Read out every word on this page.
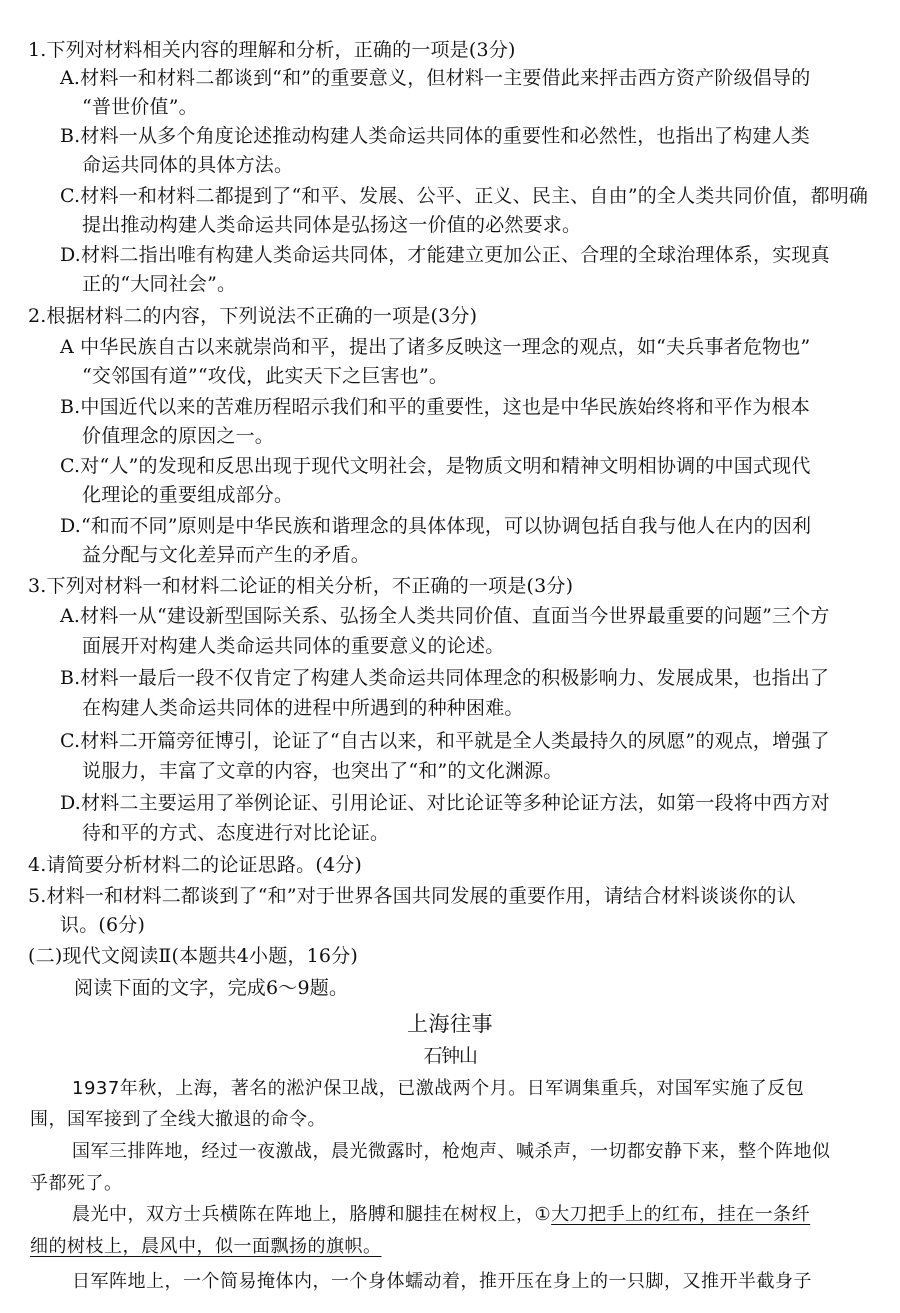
1.下列对材料相关内容的理解和分析，正确的一项是(3分)
A.材料一和材料二都谈到“和”的重要意义，但材料一主要借此来抨击西方资产阶级倡导的
“普世价值”。
B.材料一从多个角度论述推动构建人类命运共同体的重要性和必然性，也指出了构建人类
命运共同体的具体方法。
C.材料一和材料二都提到了“和平、发展、公平、正义、民主、自由”的全人类共同价值，都明确
提出推动构建人类命运共同体是弘扬这一价值的必然要求。
D.材料二指出唯有构建人类命运共同体，才能建立更加公正、合理的全球治理体系，实现真
正的“大同社会”。
2.根据材料二的内容，下列说法不正确的一项是(3分)
A 中华民族自古以来就崇尚和平，提出了诸多反映这一理念的观点，如“夫兵事者危物也”
“交邻国有道”“攻伐，此实天下之巨害也”。
B.中国近代以来的苦难历程昭示我们和平的重要性，这也是中华民族始终将和平作为根本
价值理念的原因之一。
C.对“人”的发现和反思出现于现代文明社会，是物质文明和精神文明相协调的中国式现代
化理论的重要组成部分。
D.“和而不同”原则是中华民族和谐理念的具体体现，可以协调包括自我与他人在内的因利
益分配与文化差异而产生的矛盾。
3.下列对材料一和材料二论证的相关分析，不正确的一项是(3分)
A.材料一从“建设新型国际关系、弘扬全人类共同价值、直面当今世界最重要的问题”三个方
面展开对构建人类命运共同体的重要意义的论述。
B.材料一最后一段不仅肯定了构建人类命运共同体理念的积极影响力、发展成果，也指出了
在构建人类命运共同体的进程中所遇到的种种困难。
C.材料二开篇旁征博引，论证了“自古以来，和平就是全人类最持久的夙愿”的观点，增强了
说服力，丰富了文章的内容，也突出了“和”的文化渊源。
D.材料二主要运用了举例论证、引用论证、对比论证等多种论证方法，如第一段将中西方对
待和平的方式、态度进行对比论证。
4.请简要分析材料二的论证思路。(4分)
5.材料一和材料二都谈到了“和”对于世界各国共同发展的重要作用，请结合材料谈谈你的认
识。(6分)
(二)现代文阅读Ⅱ(本题共4小题，16分)
阅读下面的文字，完成6～9题。
上海往事
石钟山
1937年秋，上海，著名的淞沪保卫战，已激战两个月。日军调集重兵，对国军实施了反包
围，国军接到了全线大撤退的命令。
国军三排阵地，经过一夜激战，晨光微露时，枪炮声、喊杀声，一切都安静下来，整个阵地似
乎都死了。
晨光中，双方士兵横陈在阵地上，胳膊和腿挂在树杈上，①大刀把手上的红布，挂在一条纤
细的树枝上，晨风中，似一面飘扬的旗帜。
日军阵地上，一个简易掩体内，一个身体蠕动着，推开压在身上的一只脚，又推开半截身子
